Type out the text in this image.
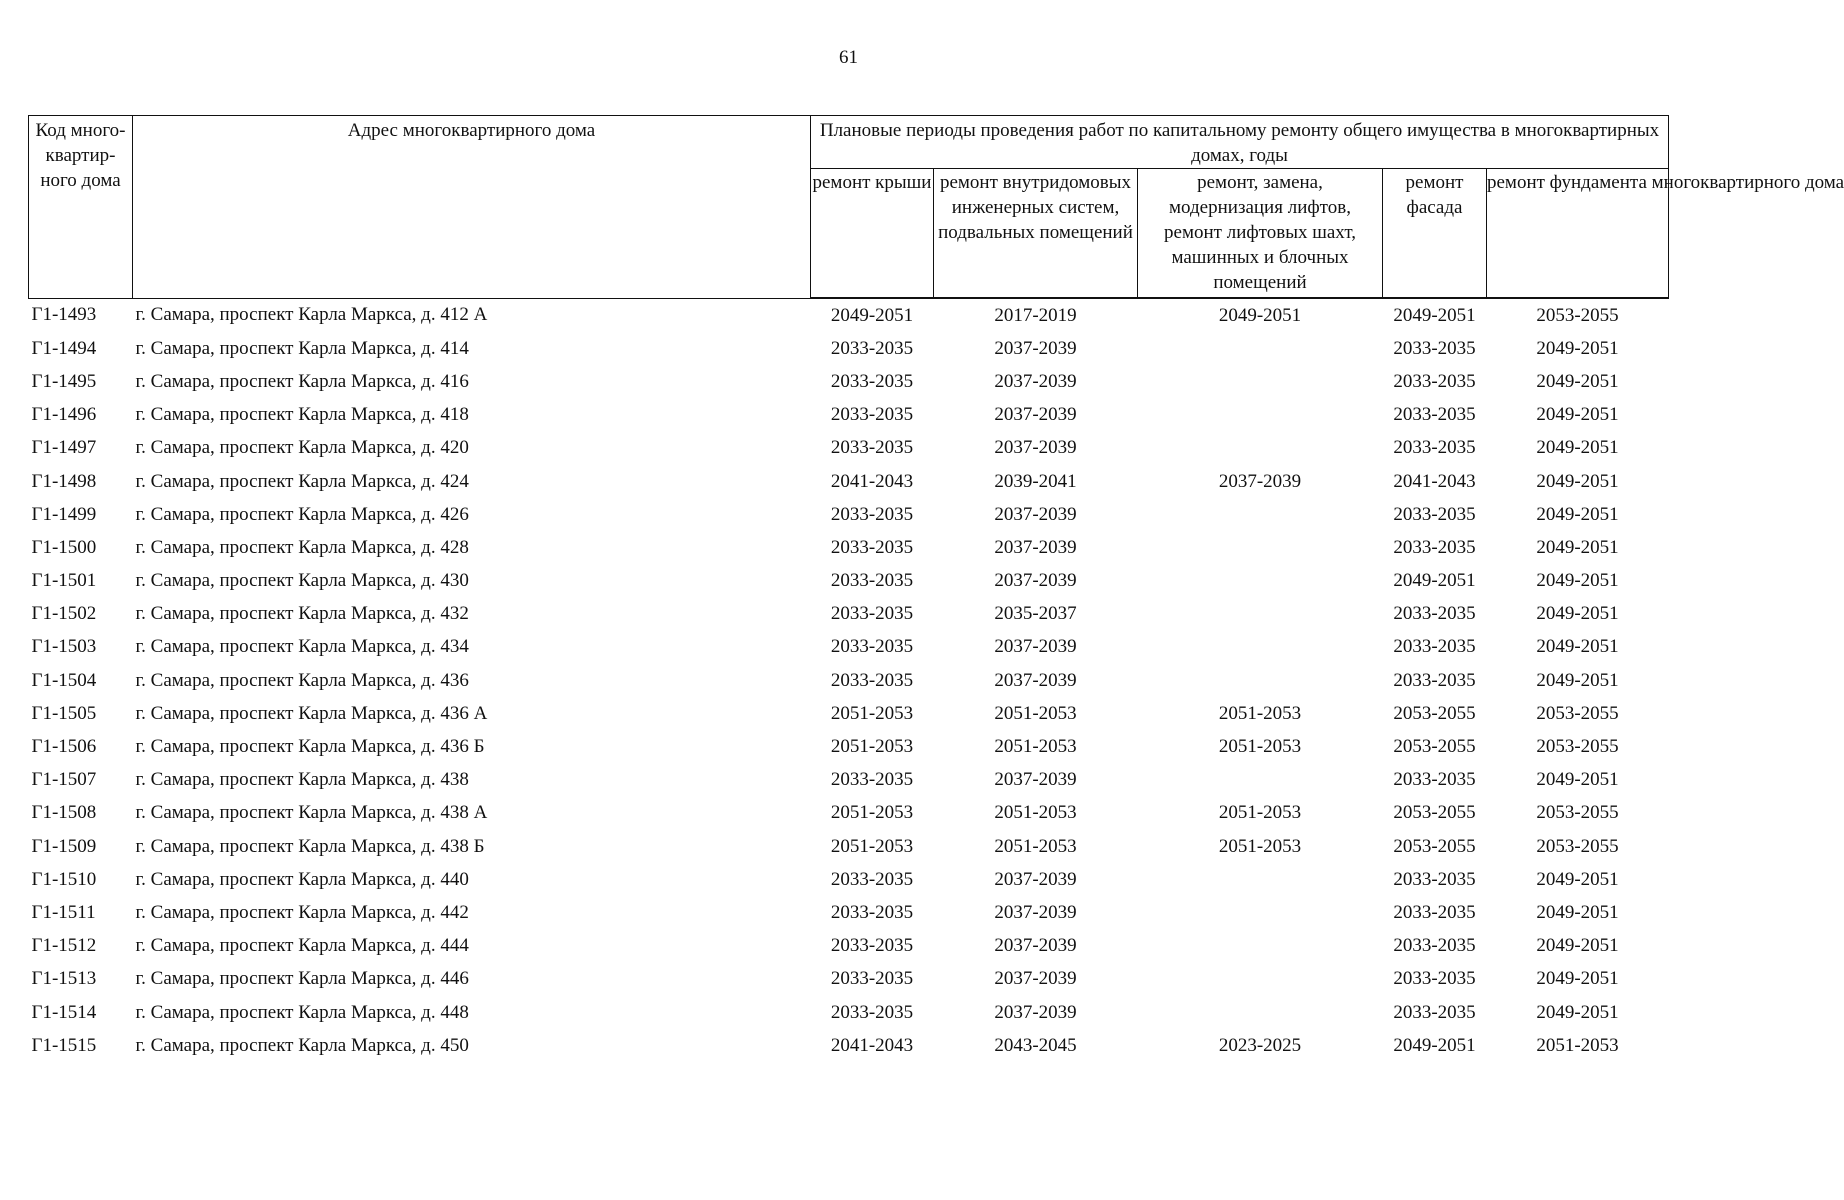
61
Код много-квартир-ного дома	Адрес многоквартирного дома	Плановые периоды проведения работ по капитальному ремонту общего имущества в многоквартирных домах, годы				
		ремонт крыши	ремонт внутридомовых инженерных систем, подвальных помещений	ремонт, замена, модернизация лифтов, ремонт лифтовых шахт, машинных и блочных помещений	ремонт фасада	ремонт фундамента многоквартирного дома
Г1-1493	г. Самара, проспект Карла Маркса, д. 412 А	2049-2051	2017-2019	2049-2051	2049-2051	2053-2055
Г1-1494	г. Самара, проспект Карла Маркса, д. 414	2033-2035	2037-2039		2033-2035	2049-2051
Г1-1495	г. Самара, проспект Карла Маркса, д. 416	2033-2035	2037-2039		2033-2035	2049-2051
Г1-1496	г. Самара, проспект Карла Маркса, д. 418	2033-2035	2037-2039		2033-2035	2049-2051
Г1-1497	г. Самара, проспект Карла Маркса, д. 420	2033-2035	2037-2039		2033-2035	2049-2051
Г1-1498	г. Самара, проспект Карла Маркса, д. 424	2041-2043	2039-2041	2037-2039	2041-2043	2049-2051
Г1-1499	г. Самара, проспект Карла Маркса, д. 426	2033-2035	2037-2039		2033-2035	2049-2051
Г1-1500	г. Самара, проспект Карла Маркса, д. 428	2033-2035	2037-2039		2033-2035	2049-2051
Г1-1501	г. Самара, проспект Карла Маркса, д. 430	2033-2035	2037-2039		2049-2051	2049-2051
Г1-1502	г. Самара, проспект Карла Маркса, д. 432	2033-2035	2035-2037		2033-2035	2049-2051
Г1-1503	г. Самара, проспект Карла Маркса, д. 434	2033-2035	2037-2039		2033-2035	2049-2051
Г1-1504	г. Самара, проспект Карла Маркса, д. 436	2033-2035	2037-2039		2033-2035	2049-2051
Г1-1505	г. Самара, проспект Карла Маркса, д. 436 А	2051-2053	2051-2053	2051-2053	2053-2055	2053-2055
Г1-1506	г. Самара, проспект Карла Маркса, д. 436 Б	2051-2053	2051-2053	2051-2053	2053-2055	2053-2055
Г1-1507	г. Самара, проспект Карла Маркса, д. 438	2033-2035	2037-2039		2033-2035	2049-2051
Г1-1508	г. Самара, проспект Карла Маркса, д. 438 А	2051-2053	2051-2053	2051-2053	2053-2055	2053-2055
Г1-1509	г. Самара, проспект Карла Маркса, д. 438 Б	2051-2053	2051-2053	2051-2053	2053-2055	2053-2055
Г1-1510	г. Самара, проспект Карла Маркса, д. 440	2033-2035	2037-2039		2033-2035	2049-2051
Г1-1511	г. Самара, проспект Карла Маркса, д. 442	2033-2035	2037-2039		2033-2035	2049-2051
Г1-1512	г. Самара, проспект Карла Маркса, д. 444	2033-2035	2037-2039		2033-2035	2049-2051
Г1-1513	г. Самара, проспект Карла Маркса, д. 446	2033-2035	2037-2039		2033-2035	2049-2051
Г1-1514	г. Самара, проспект Карла Маркса, д. 448	2033-2035	2037-2039		2033-2035	2049-2051
Г1-1515	г. Самара, проспект Карла Маркса, д. 450	2041-2043	2043-2045	2023-2025	2049-2051	2051-2053
